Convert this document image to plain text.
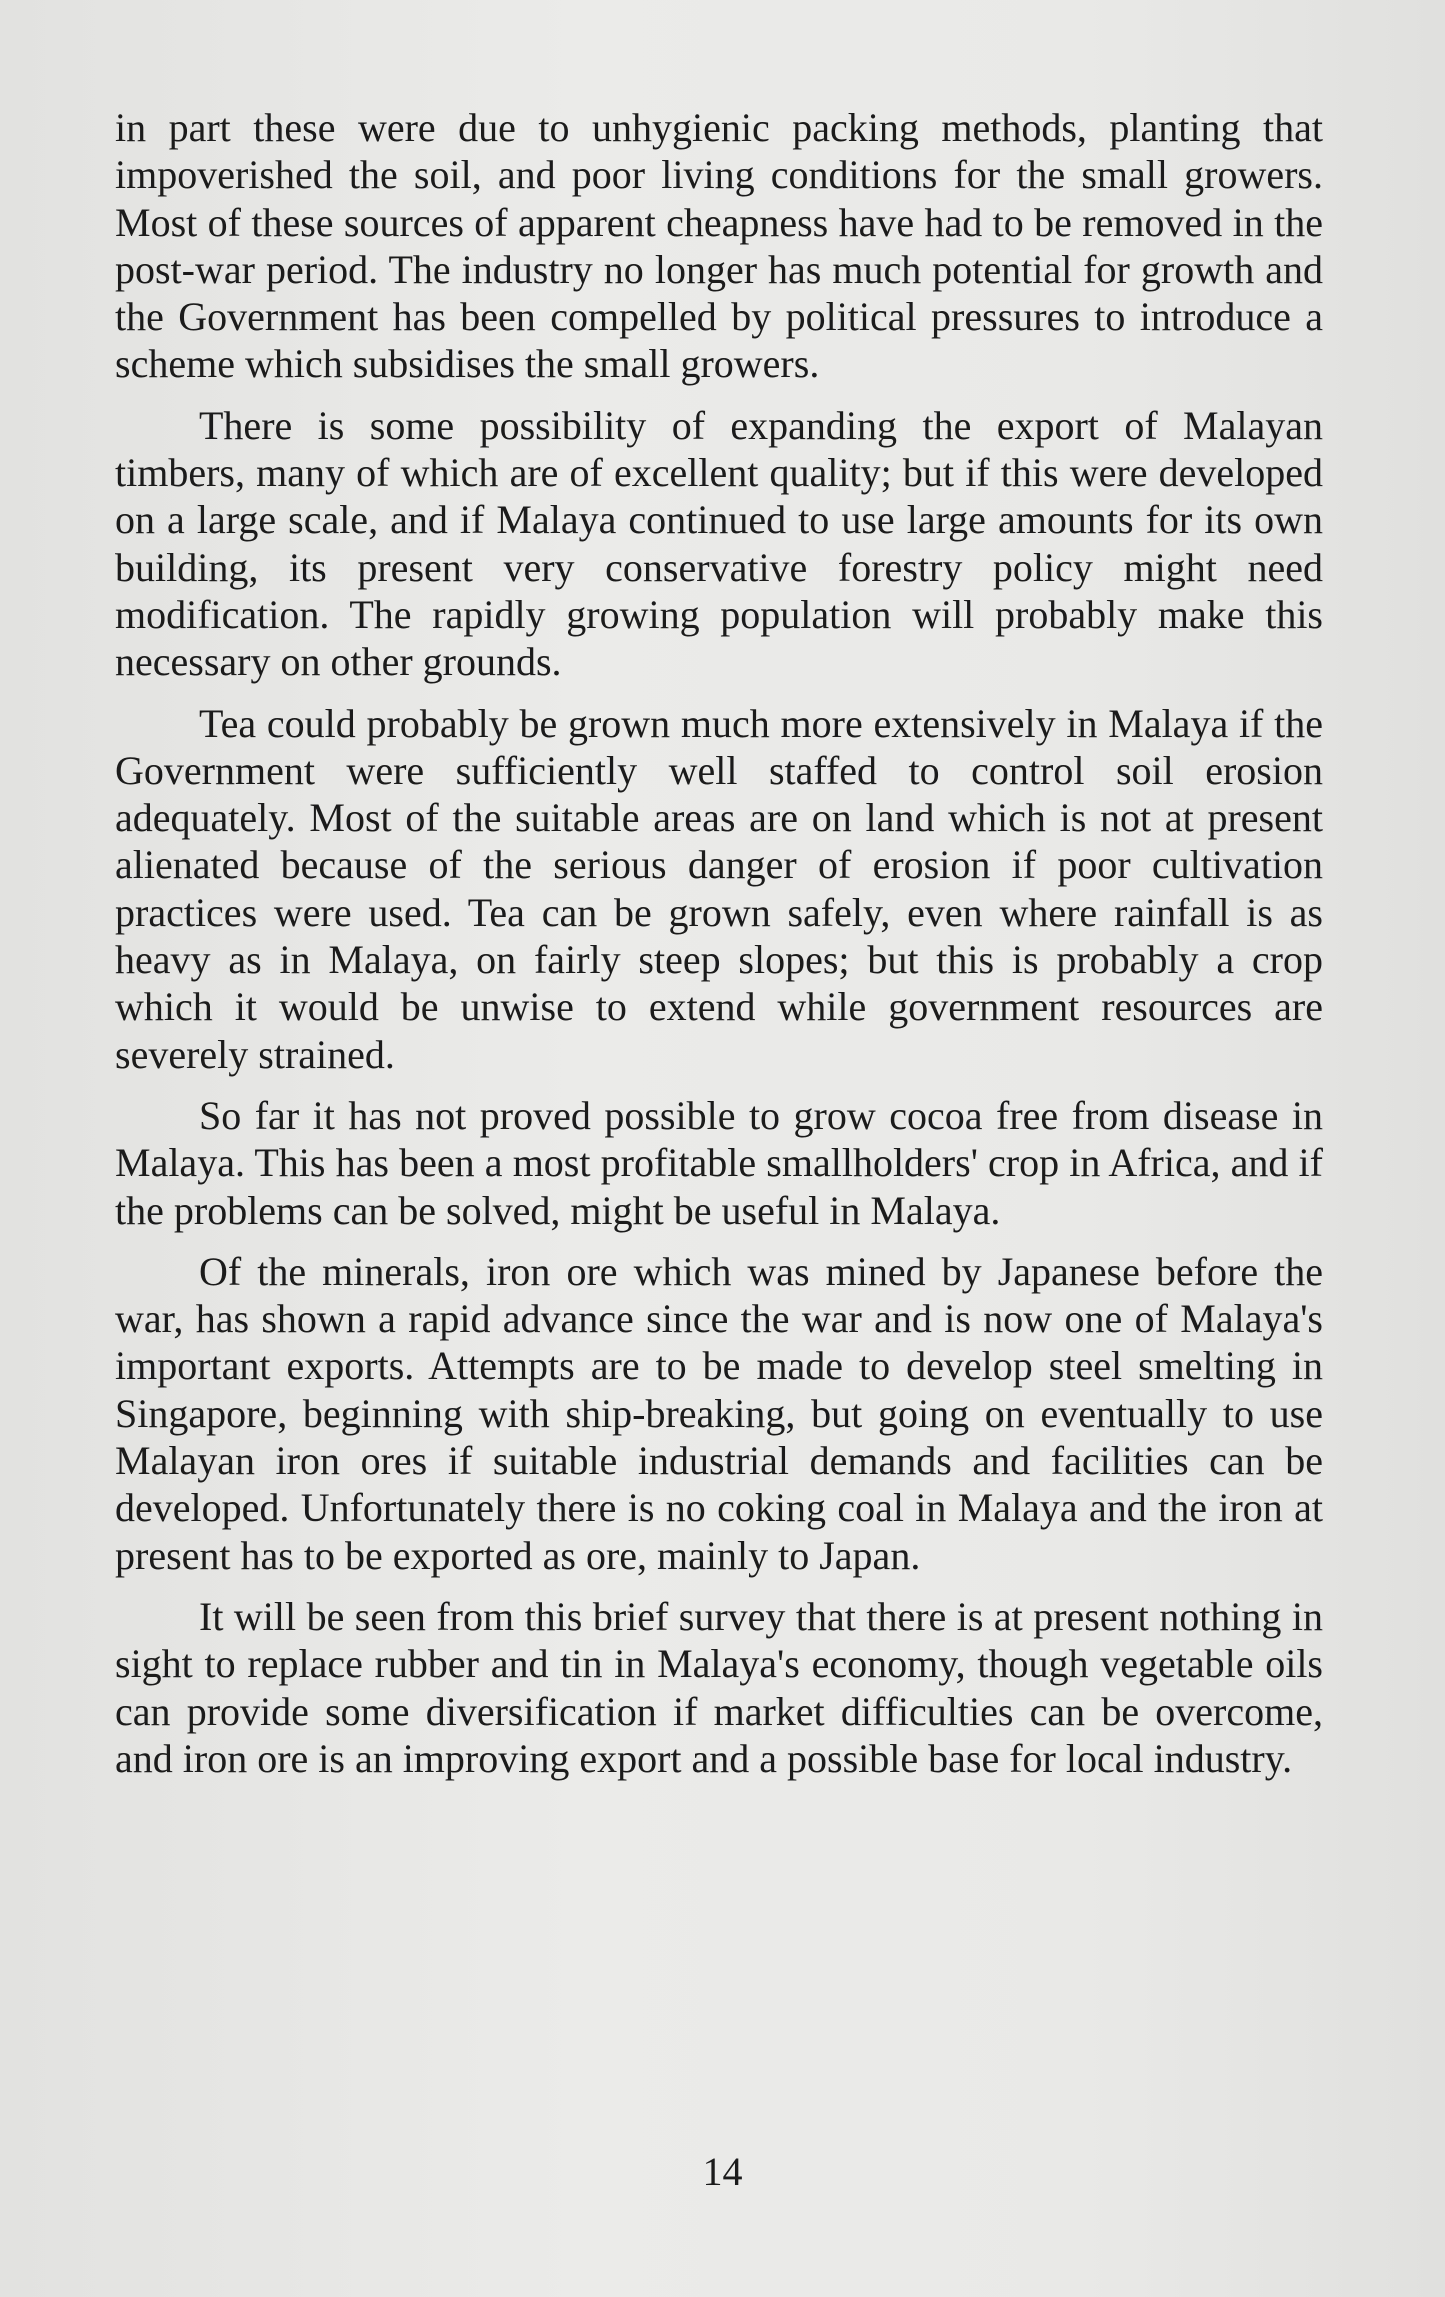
in part these were due to unhygienic packing methods, planting that impoverished the soil, and poor living conditions for the small growers. Most of these sources of apparent cheapness have had to be removed in the post-war period. The industry no longer has much potential for growth and the Government has been compelled by political pressures to introduce a scheme which subsidises the small growers.

There is some possibility of expanding the export of Malayan timbers, many of which are of excellent quality; but if this were developed on a large scale, and if Malaya continued to use large amounts for its own building, its present very conservative forestry policy might need modification. The rapidly growing population will probably make this necessary on other grounds.

Tea could probably be grown much more extensively in Malaya if the Government were sufficiently well staffed to control soil erosion adequately. Most of the suitable areas are on land which is not at present alienated because of the serious danger of erosion if poor cultivation practices were used. Tea can be grown safely, even where rainfall is as heavy as in Malaya, on fairly steep slopes; but this is probably a crop which it would be unwise to extend while government resources are severely strained.

So far it has not proved possible to grow cocoa free from disease in Malaya. This has been a most profitable smallholders' crop in Africa, and if the problems can be solved, might be useful in Malaya.

Of the minerals, iron ore which was mined by Japanese before the war, has shown a rapid advance since the war and is now one of Malaya's important exports. Attempts are to be made to develop steel smelting in Singapore, beginning with ship-breaking, but going on eventually to use Malayan iron ores if suitable industrial demands and facilities can be developed. Unfortunately there is no coking coal in Malaya and the iron at present has to be exported as ore, mainly to Japan.

It will be seen from this brief survey that there is at present nothing in sight to replace rubber and tin in Malaya's economy, though vegetable oils can provide some diversification if market difficulties can be overcome, and iron ore is an improving export and a possible base for local industry.

14
